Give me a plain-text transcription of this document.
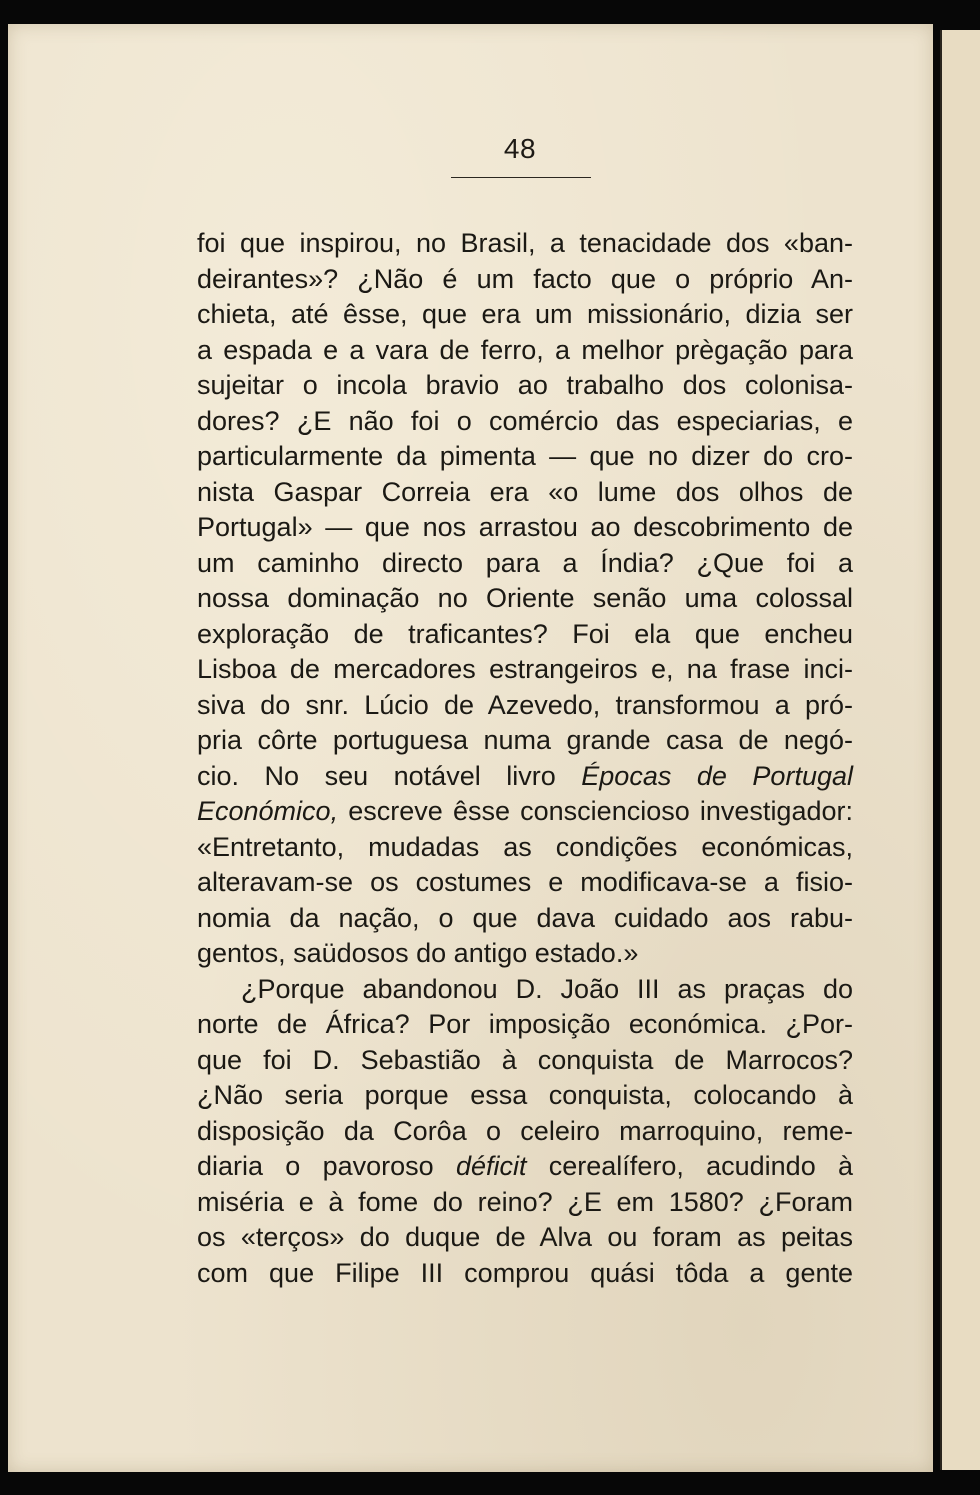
48
foi que inspirou, no Brasil, a tenacidade dos «ban-
deirantes»? ¿Não é um facto que o próprio An-
chieta, até êsse, que era um missionário, dizia ser
a espada e a vara de ferro, a melhor prègação para
sujeitar o incola bravio ao trabalho dos colonisa-
dores? ¿E não foi o comércio das especiarias, e
particularmente da pimenta — que no dizer do cro-
nista Gaspar Correia era «o lume dos olhos de
Portugal» — que nos arrastou ao descobrimento de
um caminho directo para a Índia? ¿Que foi a
nossa dominação no Oriente senão uma colossal
exploração de traficantes? Foi ela que encheu
Lisboa de mercadores estrangeiros e, na frase inci-
siva do snr. Lúcio de Azevedo, transformou a pró-
pria côrte portuguesa numa grande casa de negó-
cio. No seu notável livro Épocas de Portugal
Económico, escreve êsse consciencioso investigador:
«Entretanto, mudadas as condições económicas,
alteravam-se os costumes e modificava-se a fisio-
nomia da nação, o que dava cuidado aos rabu-
gentos, saüdosos do antigo estado.»
¿Porque abandonou D. João III as praças do
norte de África? Por imposição económica. ¿Por-
que foi D. Sebastião à conquista de Marrocos?
¿Não seria porque essa conquista, colocando à
disposição da Corôa o celeiro marroquino, reme-
diaria o pavoroso déficit cerealífero, acudindo à
miséria e à fome do reino? ¿E em 1580? ¿Foram
os «terços» do duque de Alva ou foram as peitas
com que Filipe III comprou quási tôda a gente
